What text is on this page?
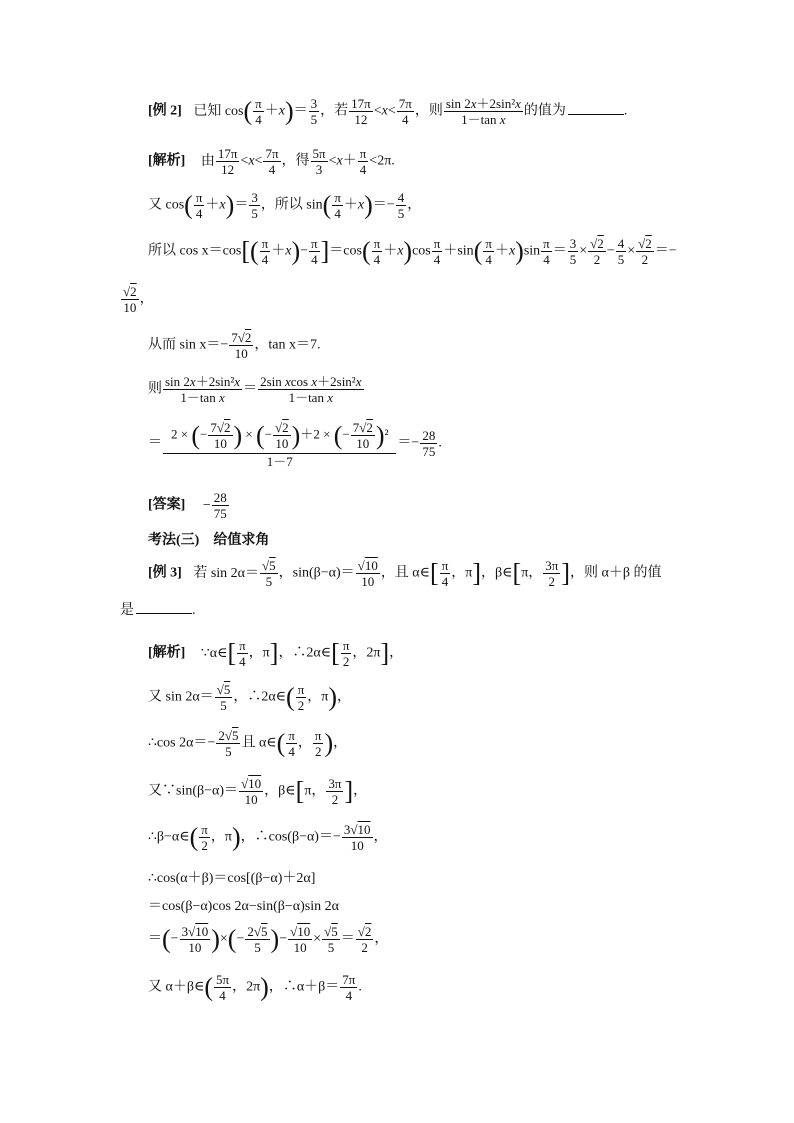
[例 2] 已知 $\cos( \frac{\pi}{4} +x)= \frac{3}{5}$ ，若 $\frac{17\pi}{12} <x< \frac{7\pi}{4}$ ，则 $\frac{\text{sin 2x＋2sin²x}}{\text{1－tan x}}$ 的值为	.
[解析] 由 $\frac{17\pi}{12} <x< \frac{7\pi}{4}$ ，得 $\frac{5\pi}{3} <x+ \frac{\pi}{4} <2\pi$.
又 $\cos( \frac{\pi}{4} +x)= \frac{3}{5}$ ，所以 $\sin( \frac{\pi}{4} +x)=- \frac{4}{5}$ ，
所以 $\cos x=\cos[( \frac{\pi}{4} +x)- \frac{\pi}{4} ]=\cos( \frac{\pi}{4} +x)\cos \frac{\pi}{4} +\sin( \frac{\pi}{4} +x)\sin \frac{\pi}{4} = \frac{3}{5} \times \frac{√2}{2} - \frac{4}{5} \times \frac{√2}{2}$ ＝−
$\frac{√2}{10}$ ，
从而 $\sin x=- \frac{7√2}{10}$ ，tan x＝7.
则 $\frac{\text{sin 2x＋2sin²x}}{\text{1－tan x}} = \frac{\text{2sin xcos x＋2sin²x}}{\text{1－tan x}}$
＝ $\frac{2 \times (- \frac{7√2}{10} ) \times (- \frac{√2}{10} )+2 \times (- \frac{7√2}{10} )^2}{1-7} =- \frac{28}{75}$ .
[答案] − $\frac{28}{75}$
考法(三)　给值求角
[例 3] 若 $\sin 2\alpha= \frac{√5}{5}$ ，$\sin(\beta-\alpha)= \frac{√10}{10}$ ，且 α∈[ $\frac{\pi}{4}$ ，π]，β∈[π， $\frac{3\pi}{2}$ ]，则 α＋β 的值
是	.
[解析] ∵α∈[ $\frac{\pi}{4}$ ，π]，∴2α∈[ $\frac{\pi}{2}$ ，2π]，
又 $\sin 2\alpha= \frac{√5}{5}$ ，∴2α∈( $\frac{\pi}{2}$ ，π)，
∴cos $2\alpha=- \frac{2√5}{5}$ 且 α∈( $\frac{\pi}{4}$ ， $\frac{\pi}{2}$ )，
又∵sin(β−α)＝ $\frac{√10}{10}$ ，β∈[π， $\frac{3\pi}{2}$ ]，
∴β−α∈( $\frac{\pi}{2}$ ，π)，∴cos(β−α)＝− $\frac{3√10}{10}$ ，
∴cos(α＋β)＝cos[(β−α)＋2α]
＝cos(β−α)cos 2α−sin(β−α)sin 2α
＝(− $\frac{3√10}{10}$ )×(− $\frac{2√5}{5}$ )− $\frac{√10}{10} \times \frac{√5}{5} = \frac{√2}{2}$ ，
又 α＋β∈( $\frac{5\pi}{4}$ ，2π)，∴α＋β＝ $\frac{7\pi}{4}$ .
